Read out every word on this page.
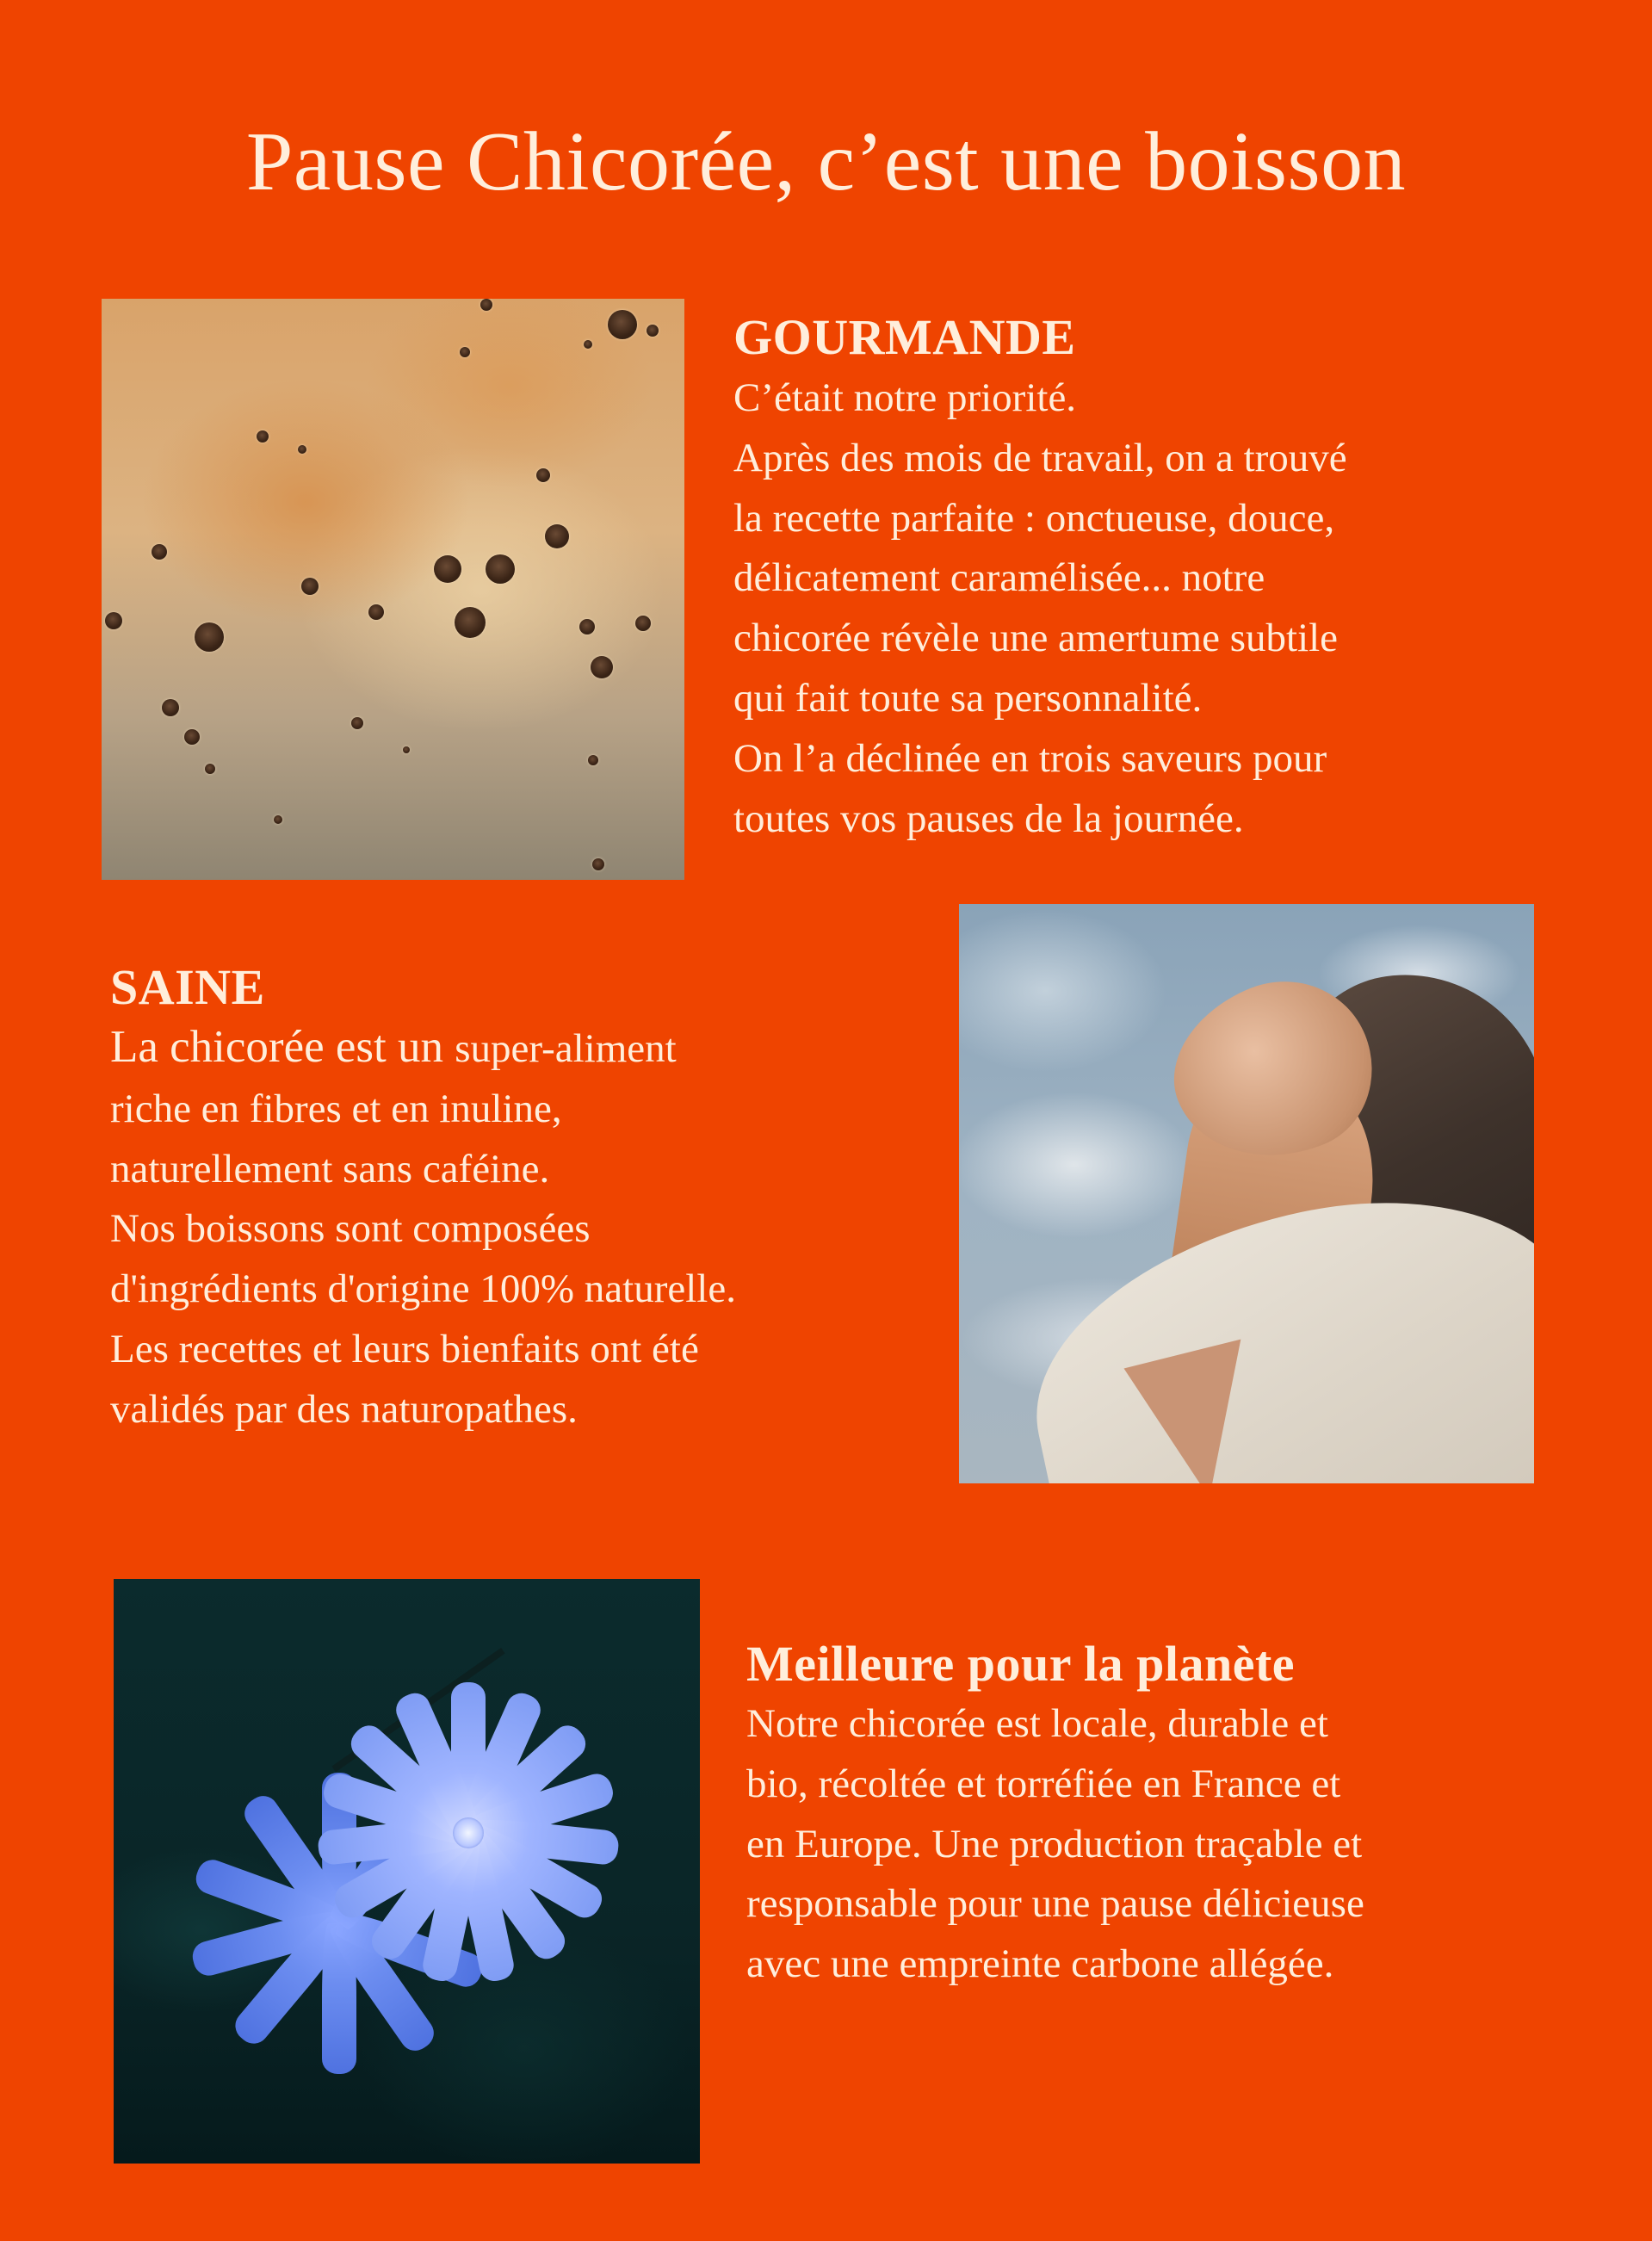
Pause Chicorée, c’est une boisson
GOURMANDE
C’était notre priorité.
Après des mois de travail, on a trouvé
la recette parfaite : onctueuse, douce,
délicatement caramélisée... notre
chicorée révèle une amertume subtile
qui fait toute sa personnalité.
On l’a déclinée en trois saveurs pour
toutes vos pauses de la journée.
SAINE
La chicorée est un super-aliment
riche en fibres et en inuline,
naturellement sans caféine.
Nos boissons sont composées
d'ingrédients d'origine 100% naturelle.
Les recettes et leurs bienfaits ont été
validés par des naturopathes.
Meilleure pour la planète
Notre chicorée est locale, durable et
bio, récoltée et torréfiée en France et
en Europe. Une production traçable et
responsable pour une pause délicieuse
avec une empreinte carbone allégée.
